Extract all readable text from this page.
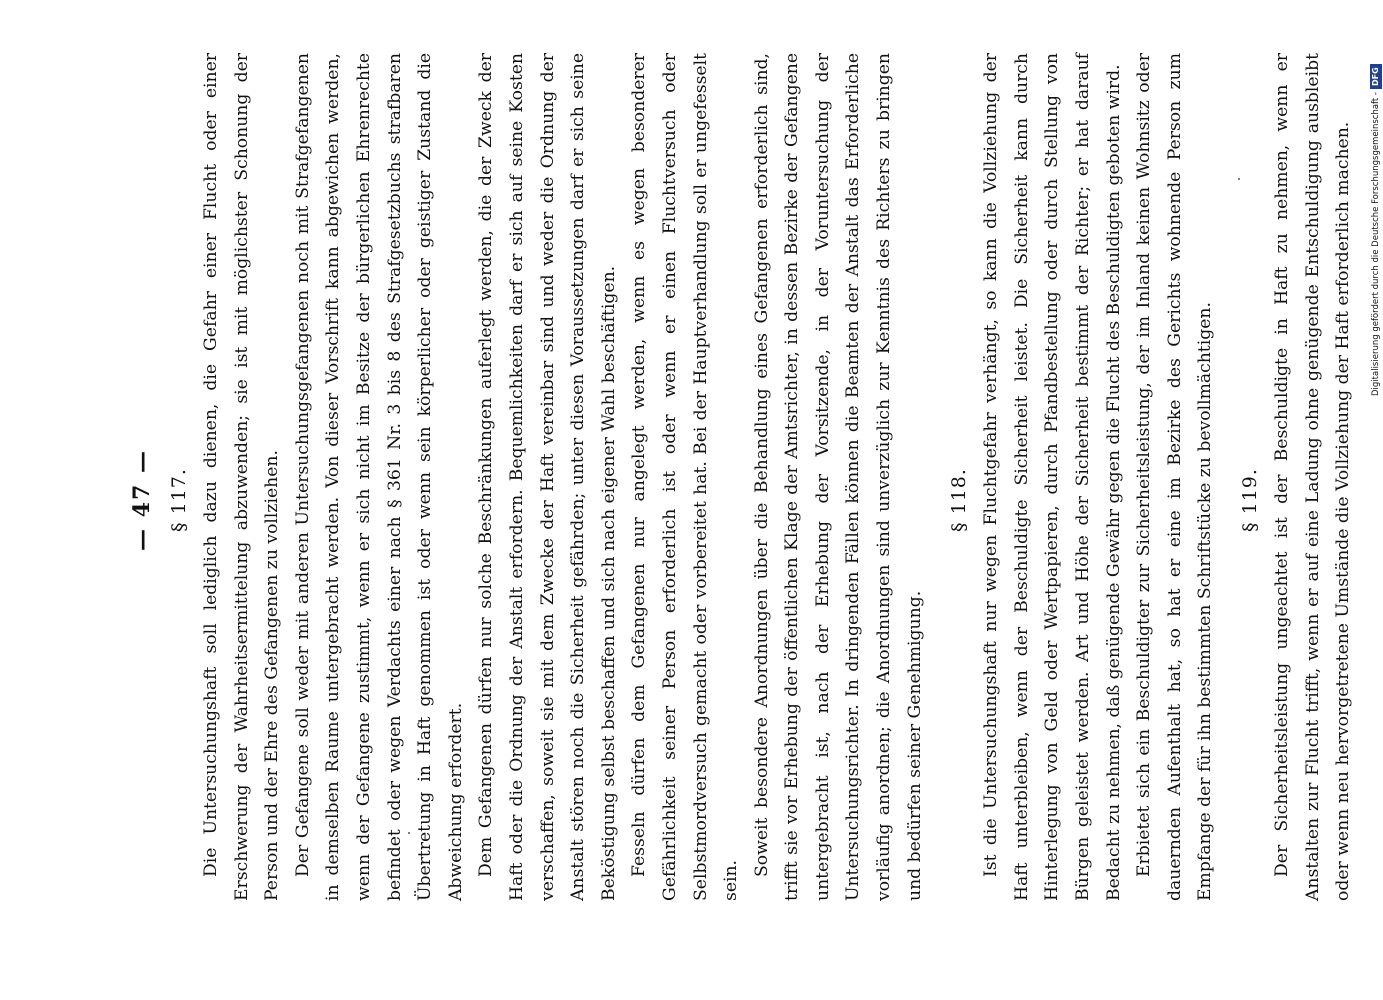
— 47 — § 117. Die Untersuchungshaft soll lediglich dazu dienen, die Gefahr einer Flucht oder einer Erschwerung der Wahrheitsermittelung abzuwenden; sie ist mit möglichster Schonung der Person und der Ehre des Gefangenen zu vollziehen. Der Gefangene soll weder mit anderen Untersuchungsgefangenen noch mit Strafgefangenen in demselben Raume untergebracht werden. Von dieser Vorschrift kann abgewichen werden, wenn der Gefangene zustimmt, wenn er sich nicht im Besitze der bürgerlichen Ehrenrechte befindet oder wegen Verdachts einer nach § 361 Nr. 3 bis 8 des Strafgesetzbuchs strafbaren Übertretung in Haft genommen ist oder wenn sein körperlicher oder geistiger Zustand die Abweichung erfordert. Dem Gefangenen dürfen nur solche Beschränkungen auferlegt werden, die der Zweck der Haft oder die Ordnung der Anstalt erfordern. Bequemlichkeiten darf er sich auf seine Kosten verschaffen, soweit sie mit dem Zwecke der Haft vereinbar sind und weder die Ordnung der Anstalt stören noch die Sicherheit gefährden; unter diesen Voraussetzungen darf er sich seine Beköstigung selbst beschaffen und sich nach eigener Wahl beschäftigen. Fesseln dürfen dem Gefangenen nur angelegt werden, wenn es wegen besonderer Gefährlichkeit seiner Person erforderlich ist oder wenn er einen Fluchtversuch oder Selbstmordversuch gemacht oder vorbereitet hat. Bei der Hauptverhandlung soll er ungefesselt sein.

Soweit besondere Anordnungen über die Behandlung eines Gefangenen erforderlich sind, trifft sie vor Erhebung der öffentlichen Klage der Amtsrichter, in dessen Bezirke der Gefangene untergebracht ist, nach der Erhebung der Vorsitzende, in der Voruntersuchung der Untersuchungsrichter. In dringenden Fällen können die Beamten der Anstalt das Erforderliche vorläufig anordnen; die Anordnungen sind unverzüglich zur Kenntnis des Richters zu bringen und bedürfen seiner Genehmigung.

§ 118. Ist die Untersuchungshaft nur wegen Fluchtgefahr verhängt, so kann die Vollziehung der Haft unterbleiben, wenn der Beschuldigte Sicherheit leistet. Die Sicherheit kann durch Hinterlegung von Geld oder Wertpapieren, durch Pfandbestellung oder durch Stellung von Bürgen geleistet werden. Art und Höhe der Sicherheit bestimmt der Richter; er hat darauf Bedacht zu nehmen, daß genügende Gewähr gegen die Flucht des Beschuldigten geboten wird. Erbietet sich ein Beschuldigter zur Sicherheitsleistung, der im Inland keinen Wohnsitz oder dauernden Aufenthalt hat, so hat er eine im Bezirke des Gerichts wohnende Person zum Empfange der für ihn bestimmten Schriftstücke zu bevollmächtigen. § 119. Der Sicherheitsleistung ungeachtet ist der Beschuldigte in Haft zu nehmen, wenn er Anstalten zur Flucht trifft, wenn er auf eine Ladung ohne genügende Entschuldigung ausbleibt oder wenn neu hervorgetretene Umstände die Vollziehung der Haft erforderlich machen.	Digitalisierung gefördert durch die Deutsche Forschungsgemeinschaft -
DFG
